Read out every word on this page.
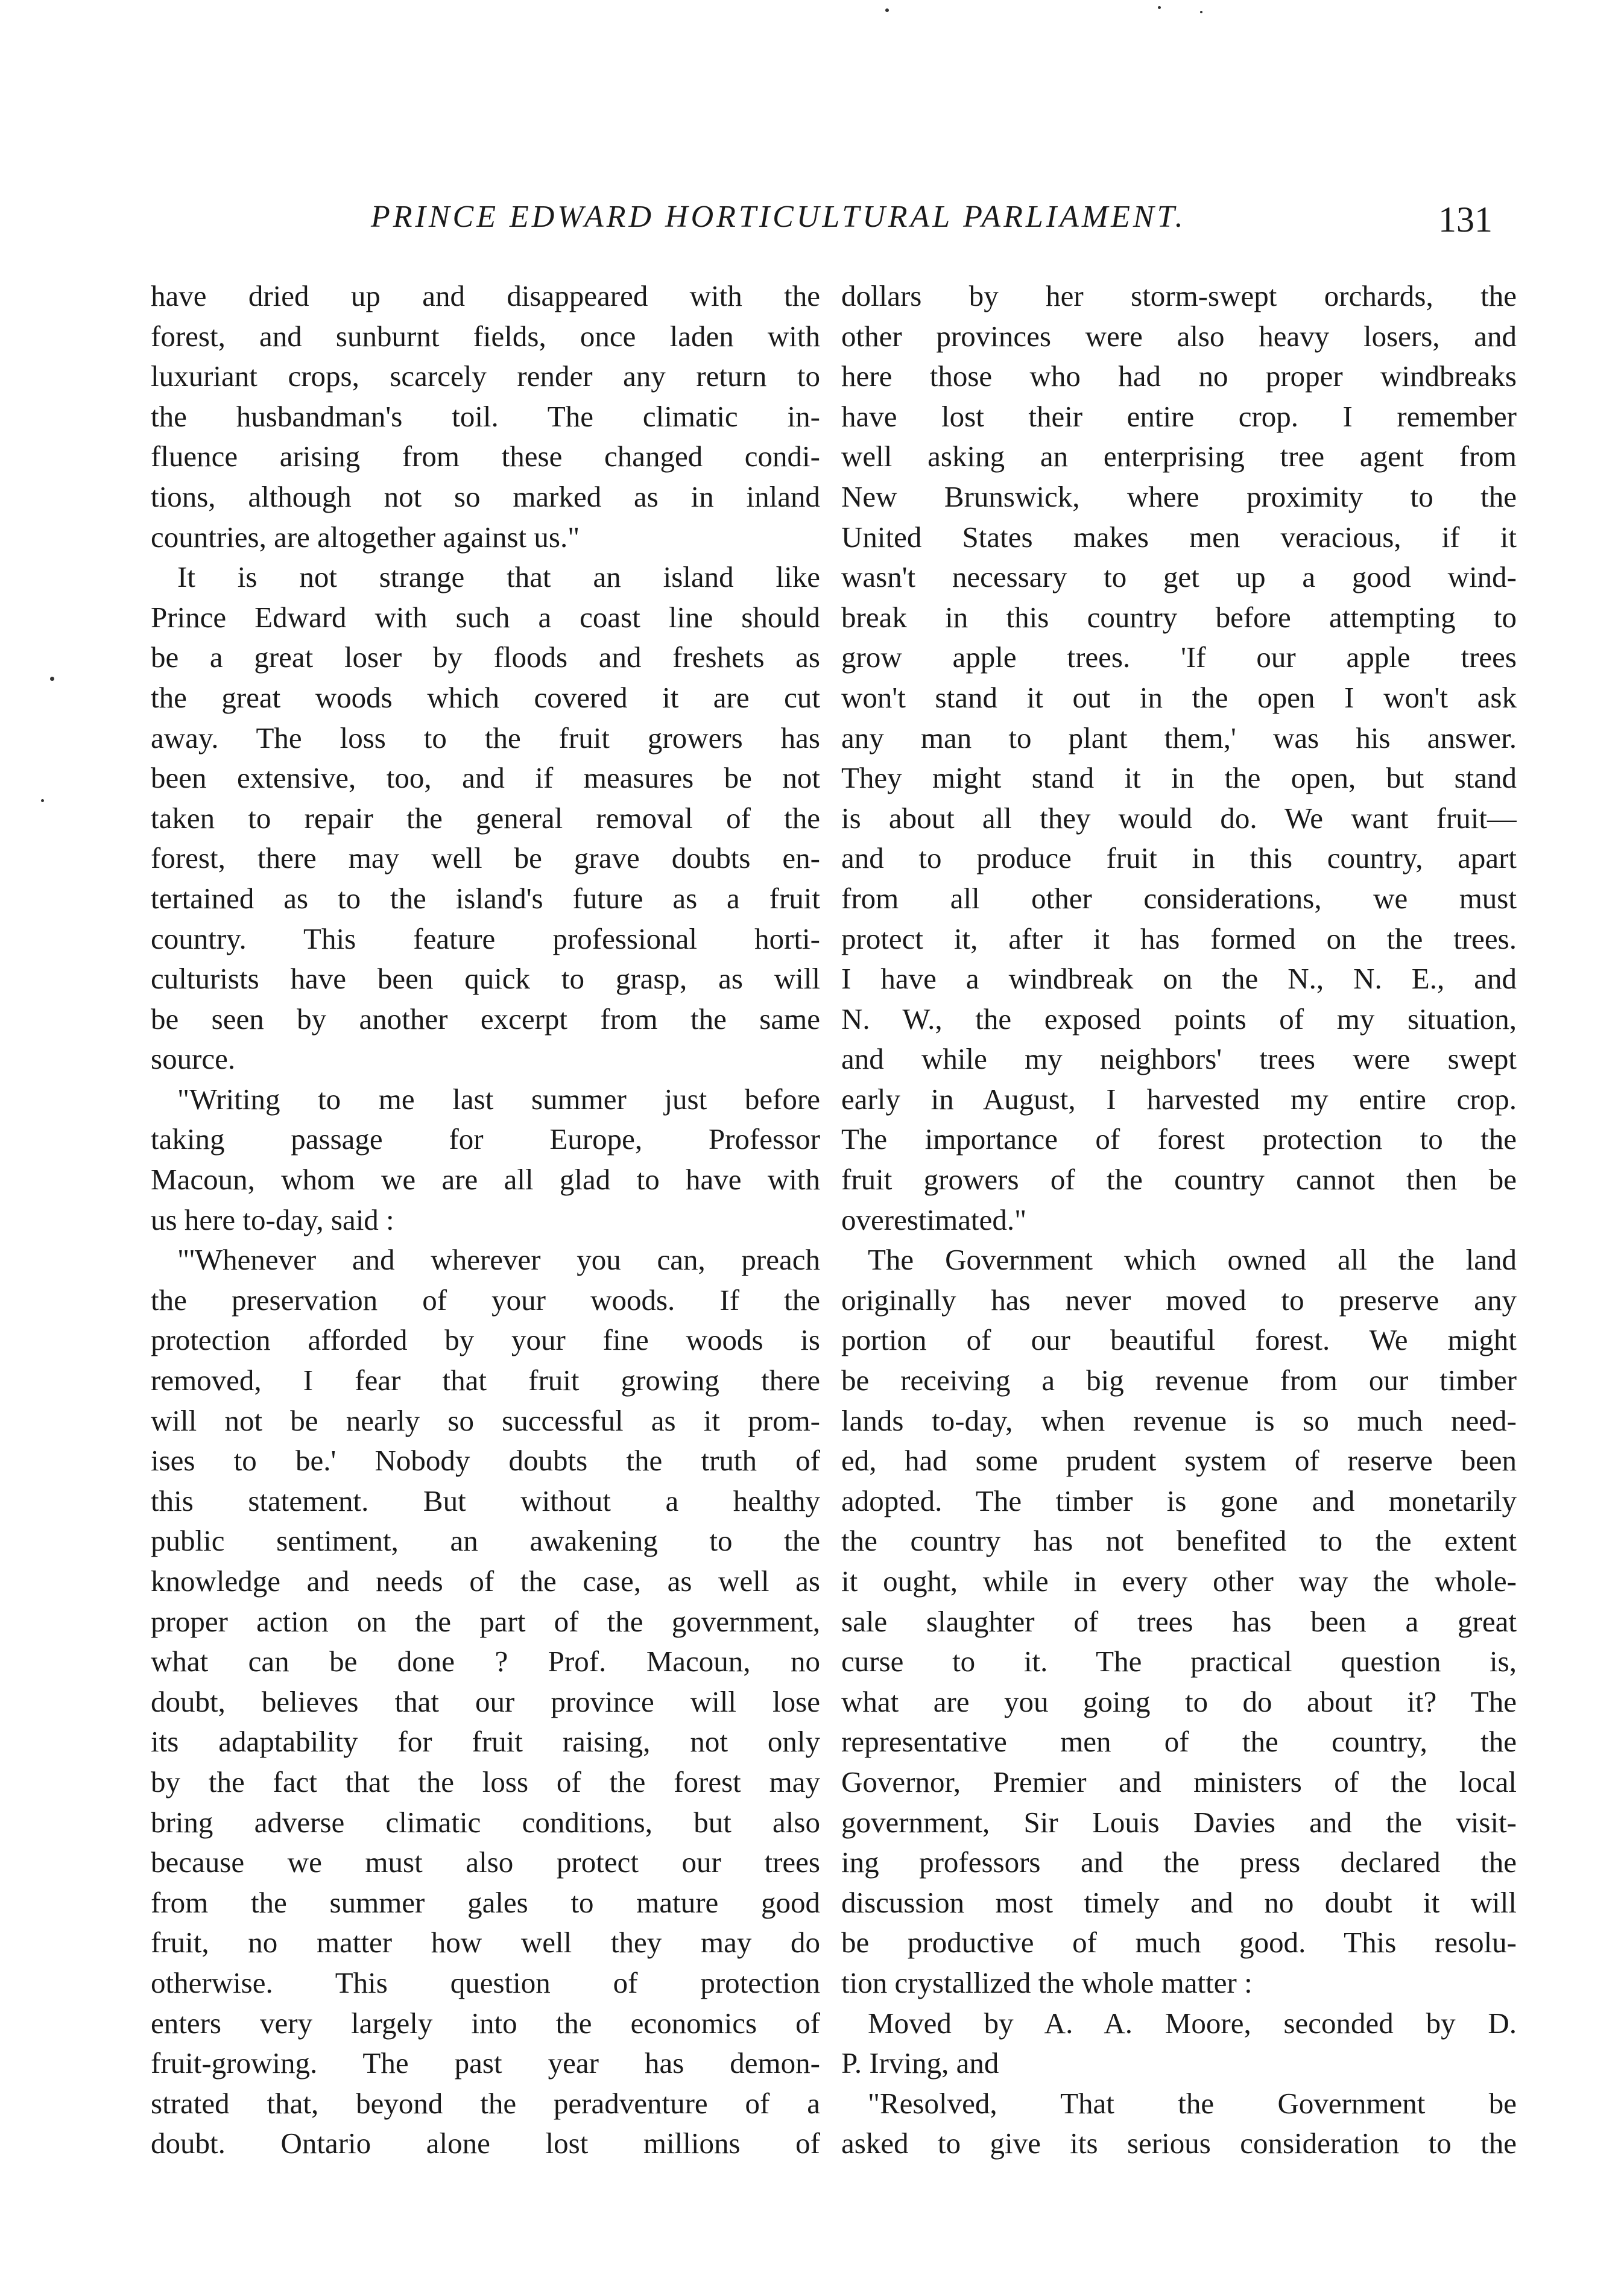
PRINCE EDWARD HORTICULTURAL PARLIAMENT.	131
have dried up and disappeared with the
forest, and sunburnt fields, once laden with
luxuriant crops, scarcely render any return to
the husbandman's toil. The climatic in-
fluence arising from these changed condi-
tions, although not so marked as in inland
countries, are altogether against us."
It is not strange that an island like
Prince Edward with such a coast line should
be a great loser by floods and freshets as
the great woods which covered it are cut
away. The loss to the fruit growers has
been extensive, too, and if measures be not
taken to repair the general removal of the
forest, there may well be grave doubts en-
tertained as to the island's future as a fruit
country. This feature professional horti-
culturists have been quick to grasp, as will
be seen by another excerpt from the same
source.
"Writing to me last summer just before
taking passage for Europe, Professor
Macoun, whom we are all glad to have with
us here to-day, said :
"'Whenever and wherever you can, preach
the preservation of your woods. If the
protection afforded by your fine woods is
removed, I fear that fruit growing there
will not be nearly so successful as it prom-
ises to be.' Nobody doubts the truth of
this statement. But without a healthy
public sentiment, an awakening to the
knowledge and needs of the case, as well as
proper action on the part of the government,
what can be done ? Prof. Macoun, no
doubt, believes that our province will lose
its adaptability for fruit raising, not only
by the fact that the loss of the forest may
bring adverse climatic conditions, but also
because we must also protect our trees
from the summer gales to mature good
fruit, no matter how well they may do
otherwise. This question of protection
enters very largely into the economics of
fruit-growing. The past year has demon-
strated that, beyond the peradventure of a
doubt. Ontario alone lost millions of
dollars by her storm-swept orchards, the
other provinces were also heavy losers, and
here those who had no proper windbreaks
have lost their entire crop. I remember
well asking an enterprising tree agent from
New Brunswick, where proximity to the
United States makes men veracious, if it
wasn't necessary to get up a good wind-
break in this country before attempting to
grow apple trees. 'If our apple trees
won't stand it out in the open I won't ask
any man to plant them,' was his answer.
They might stand it in the open, but stand
is about all they would do. We want fruit—
and to produce fruit in this country, apart
from all other considerations, we must
protect it, after it has formed on the trees.
I have a windbreak on the N., N. E., and
N. W., the exposed points of my situation,
and while my neighbors' trees were swept
early in August, I harvested my entire crop.
The importance of forest protection to the
fruit growers of the country cannot then be
overestimated."
The Government which owned all the land
originally has never moved to preserve any
portion of our beautiful forest. We might
be receiving a big revenue from our timber
lands to-day, when revenue is so much need-
ed, had some prudent system of reserve been
adopted. The timber is gone and monetarily
the country has not benefited to the extent
it ought, while in every other way the whole-
sale slaughter of trees has been a great
curse to it. The practical question is,
what are you going to do about it? The
representative men of the country, the
Governor, Premier and ministers of the local
government, Sir Louis Davies and the visit-
ing professors and the press declared the
discussion most timely and no doubt it will
be productive of much good. This resolu-
tion crystallized the whole matter :
Moved by A. A. Moore, seconded by D.
P. Irving, and
"Resolved, That the Government be
asked to give its serious consideration to the
